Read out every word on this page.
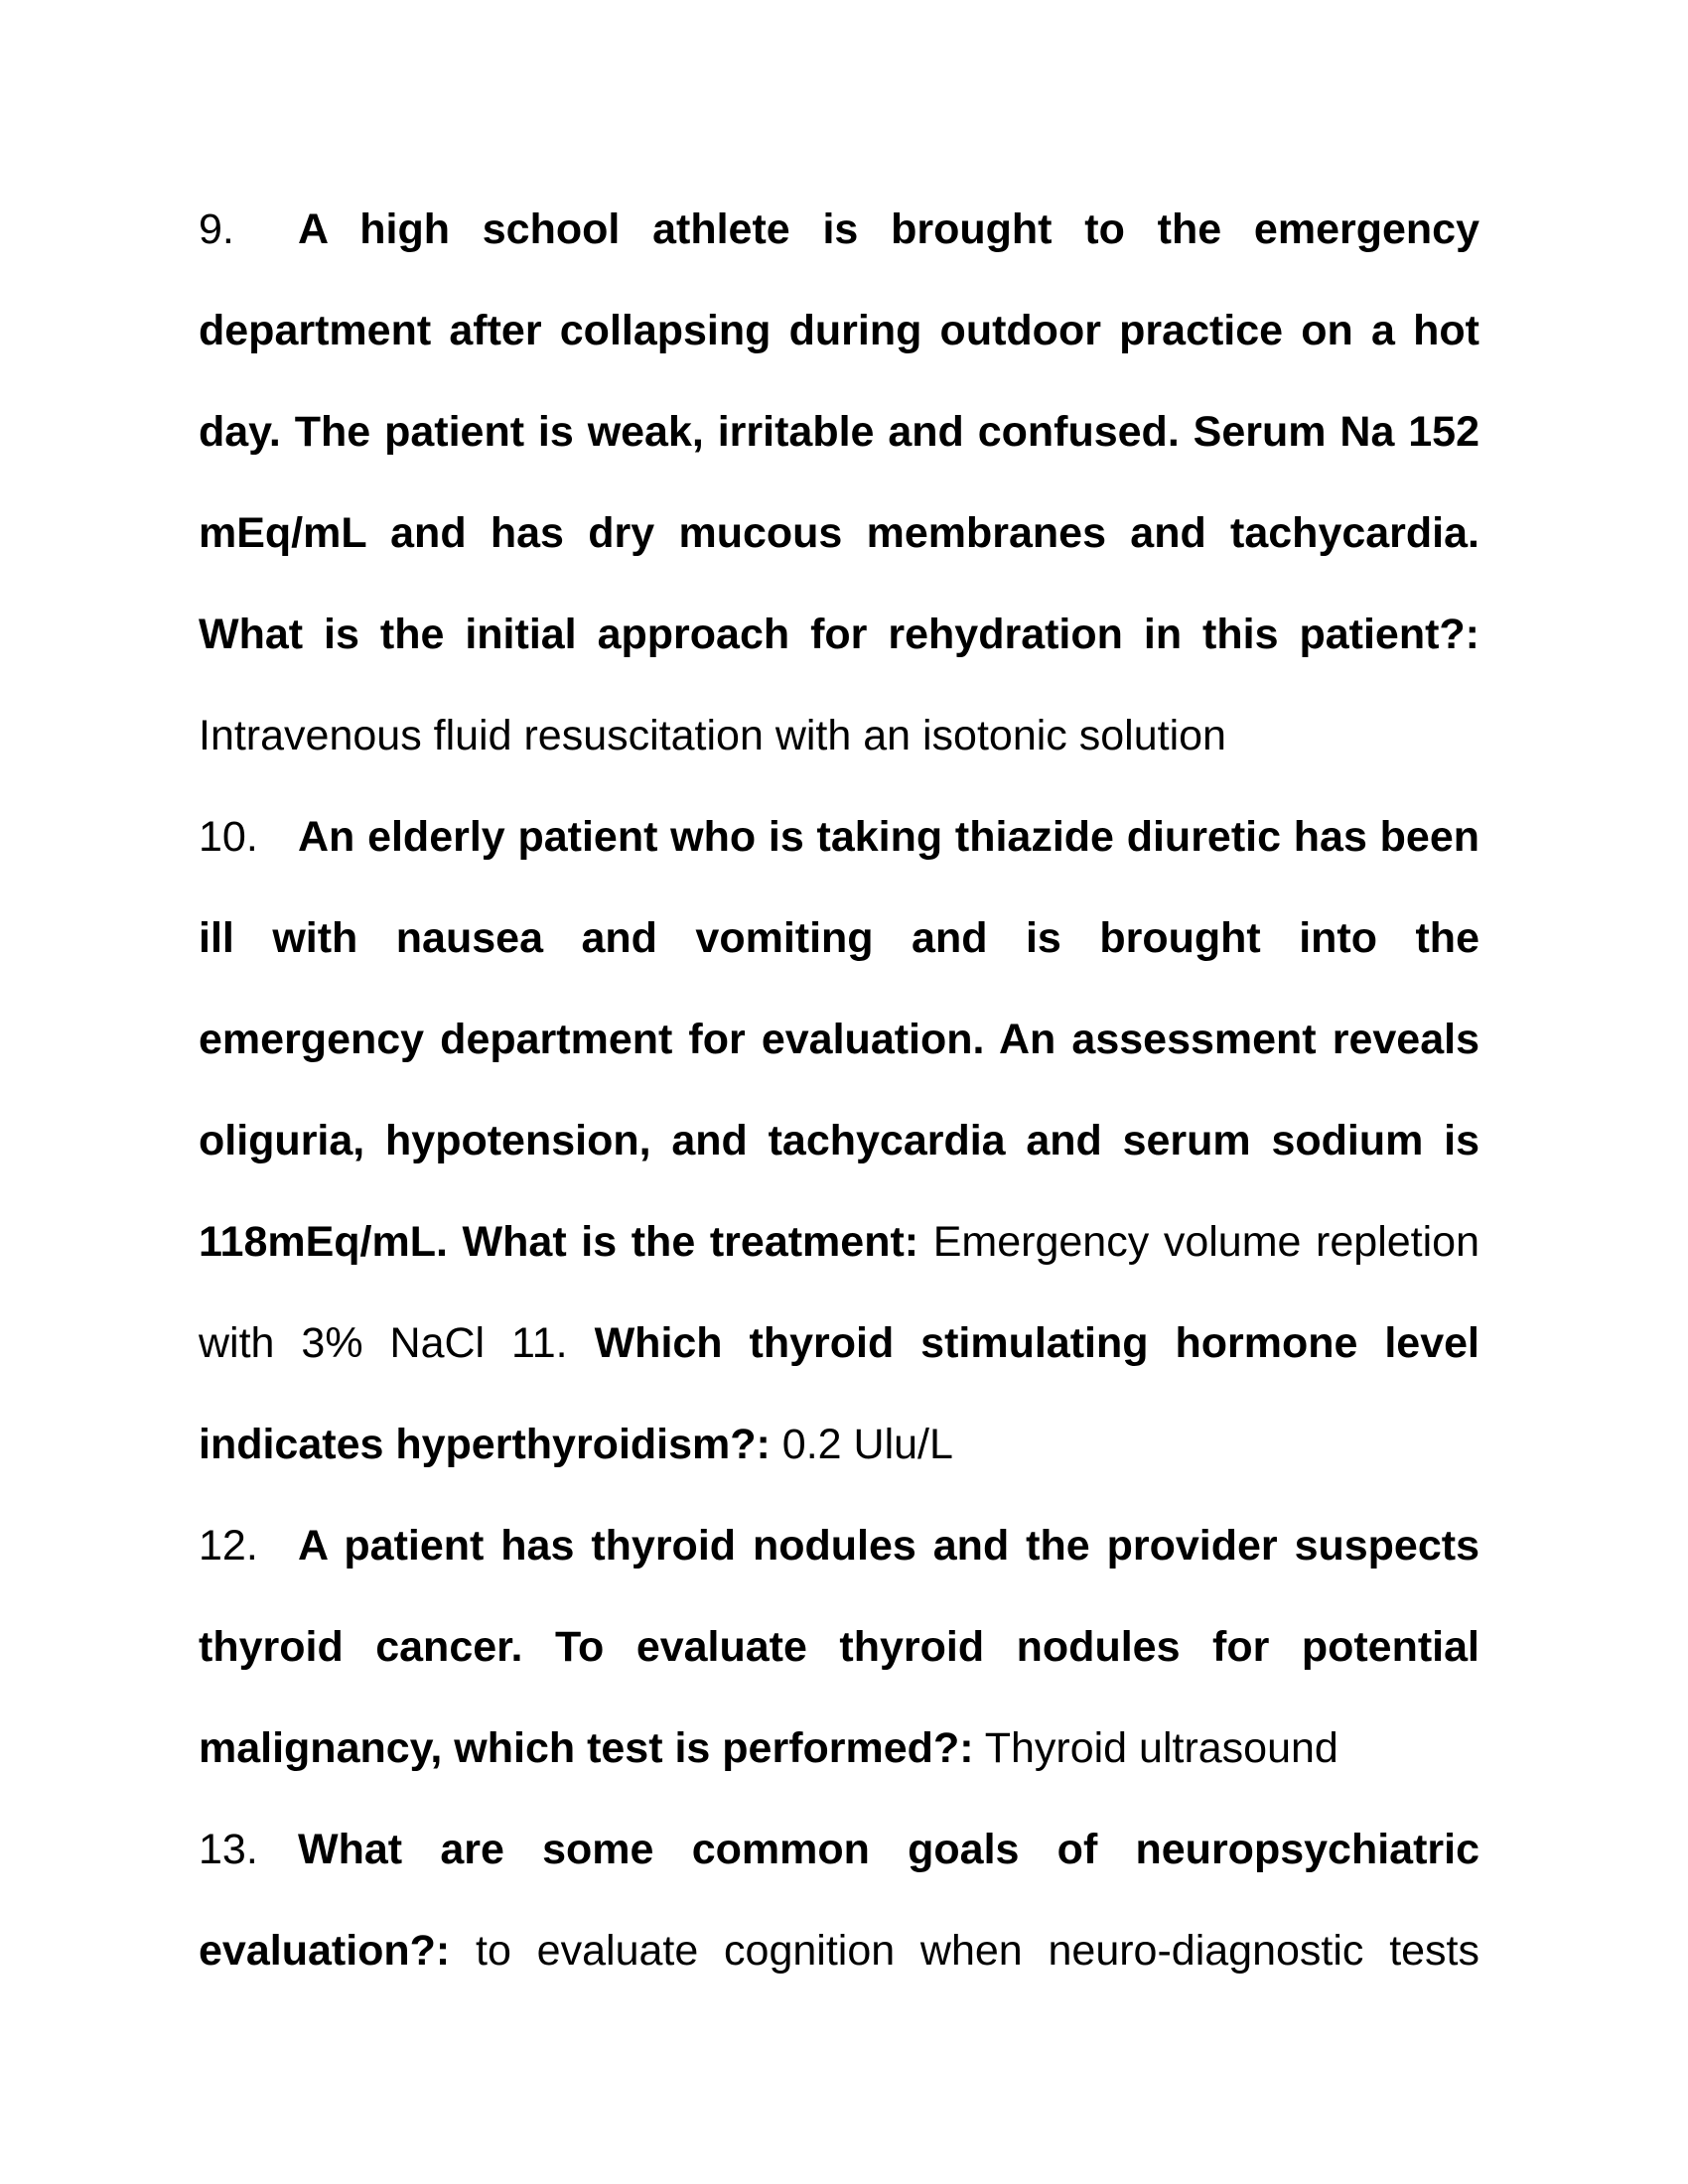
9. A high school athlete is brought to the emergency department after collapsing during outdoor practice on a hot day. The patient is weak, irritable and confused. Serum Na 152 mEq/mL and has dry mucous membranes and tachycardia. What is the initial approach for rehydration in this patient?: Intravenous fluid resuscitation with an isotonic solution

10. An elderly patient who is taking thiazide diuretic has been ill with nausea and vomiting and is brought into the emergency department for evaluation. An assessment reveals oliguria, hypotension, and tachycardia and serum sodium is 118mEq/mL. What is the treatment: Emergency volume repletion with 3% NaCl 11. Which thyroid stimulating hormone level indicates hyperthyroidism?: 0.2 Ulu/L

12. A patient has thyroid nodules and the provider suspects thyroid cancer. To evaluate thyroid nodules for potential malignancy, which test is performed?: Thyroid ultrasound

13. What are some common goals of neuropsychiatric evaluation?: to evaluate cognition when neuro-diagnostic tests
